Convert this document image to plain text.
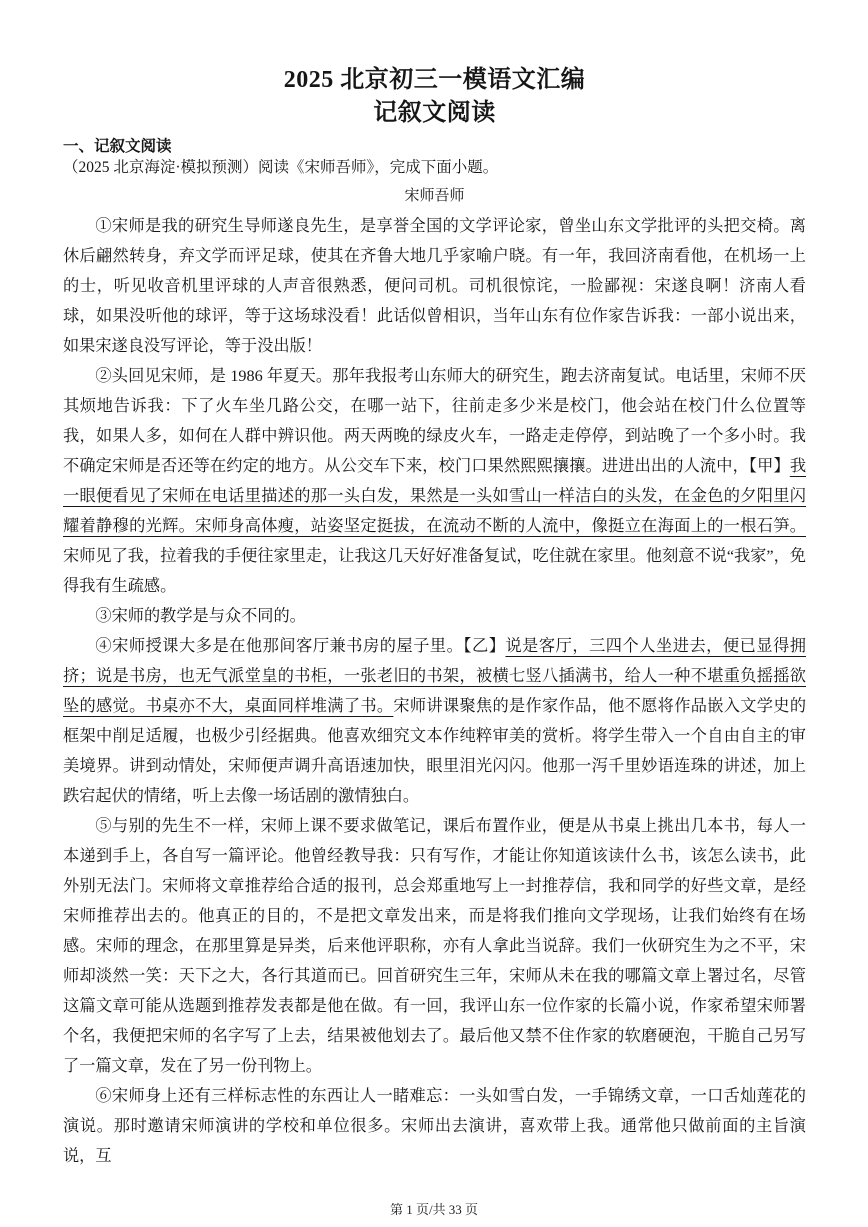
2025 北京初三一模语文汇编
记叙文阅读
一、记叙文阅读
（2025 北京海淀·模拟预测）阅读《宋师吾师》，完成下面小题。
宋师吾师

①宋师是我的研究生导师遂良先生，是享誉全国的文学评论家，曾坐山东文学批评的头把交椅。离休后翩然转身，弃文学而评足球，使其在齐鲁大地几乎家喻户晓。有一年，我回济南看他，在机场一上的士，听见收音机里评球的人声音很熟悉，便问司机。司机很惊诧，一脸鄙视：宋遂良啊！济南人看球，如果没听他的球评，等于这场球没看！此话似曾相识，当年山东有位作家告诉我：一部小说出来，如果宋遂良没写评论，等于没出版！

②头回见宋师，是 1986 年夏天。那年我报考山东师大的研究生，跑去济南复试。电话里，宋师不厌其烦地告诉我：下了火车坐几路公交，在哪一站下，往前走多少米是校门，他会站在校门什么位置等我，如果人多，如何在人群中辨识他。两天两晚的绿皮火车，一路走走停停，到站晚了一个多小时。我不确定宋师是否还等在约定的地方。从公交车下来，校门口果然熙熙攘攘。进进出出的人流中，【甲】我一眼便看见了宋师在电话里描述的那一头白发，果然是一头如雪山一样洁白的头发，在金色的夕阳里闪耀着静穆的光辉。宋师身高体瘦，站姿坚定挺拔，在流动不断的人流中，像挺立在海面上的一根石笋。宋师见了我，拉着我的手便往家里走，让我这几天好好准备复试，吃住就在家里。他刻意不说“我家”，免得我有生疏感。

③宋师的教学是与众不同的。

④宋师授课大多是在他那间客厅兼书房的屋子里。【乙】说是客厅，三四个人坐进去，便已显得拥挤；说是书房，也无气派堂皇的书柜，一张老旧的书架，被横七竖八插满书，给人一种不堪重负摇摇欲坠的感觉。书桌亦不大，桌面同样堆满了书。宋师讲课聚焦的是作家作品，他不愿将作品嵌入文学史的框架中削足适履，也极少引经据典。他喜欢细究文本作纯粹审美的赏析。将学生带入一个自由自主的审美境界。讲到动情处，宋师便声调升高语速加快，眼里泪光闪闪。他那一泻千里妙语连珠的讲述，加上跌宕起伏的情绪，听上去像一场话剧的激情独白。

⑤与别的先生不一样，宋师上课不要求做笔记，课后布置作业，便是从书桌上挑出几本书，每人一本递到手上，各自写一篇评论。他曾经教导我：只有写作，才能让你知道该读什么书，该怎么读书，此外别无法门。宋师将文章推荐给合适的报刊，总会郑重地写上一封推荐信，我和同学的好些文章，是经宋师推荐出去的。他真正的目的，不是把文章发出来，而是将我们推向文学现场，让我们始终有在场感。宋师的理念，在那里算是异类，后来他评职称，亦有人拿此当说辞。我们一伙研究生为之不平，宋师却淡然一笑：天下之大，各行其道而已。回首研究生三年，宋师从未在我的哪篇文章上署过名，尽管这篇文章可能从选题到推荐发表都是他在做。有一回，我评山东一位作家的长篇小说，作家希望宋师署个名，我便把宋师的名字写了上去，结果被他划去了。最后他又禁不住作家的软磨硬泡，干脆自己另写了一篇文章，发在了另一份刊物上。

⑥宋师身上还有三样标志性的东西让人一睹难忘：一头如雪白发，一手锦绣文章，一口舌灿莲花的演说。那时邀请宋师演讲的学校和单位很多。宋师出去演讲，喜欢带上我。通常他只做前面的主旨演说，互

第 1 页/共 33 页
